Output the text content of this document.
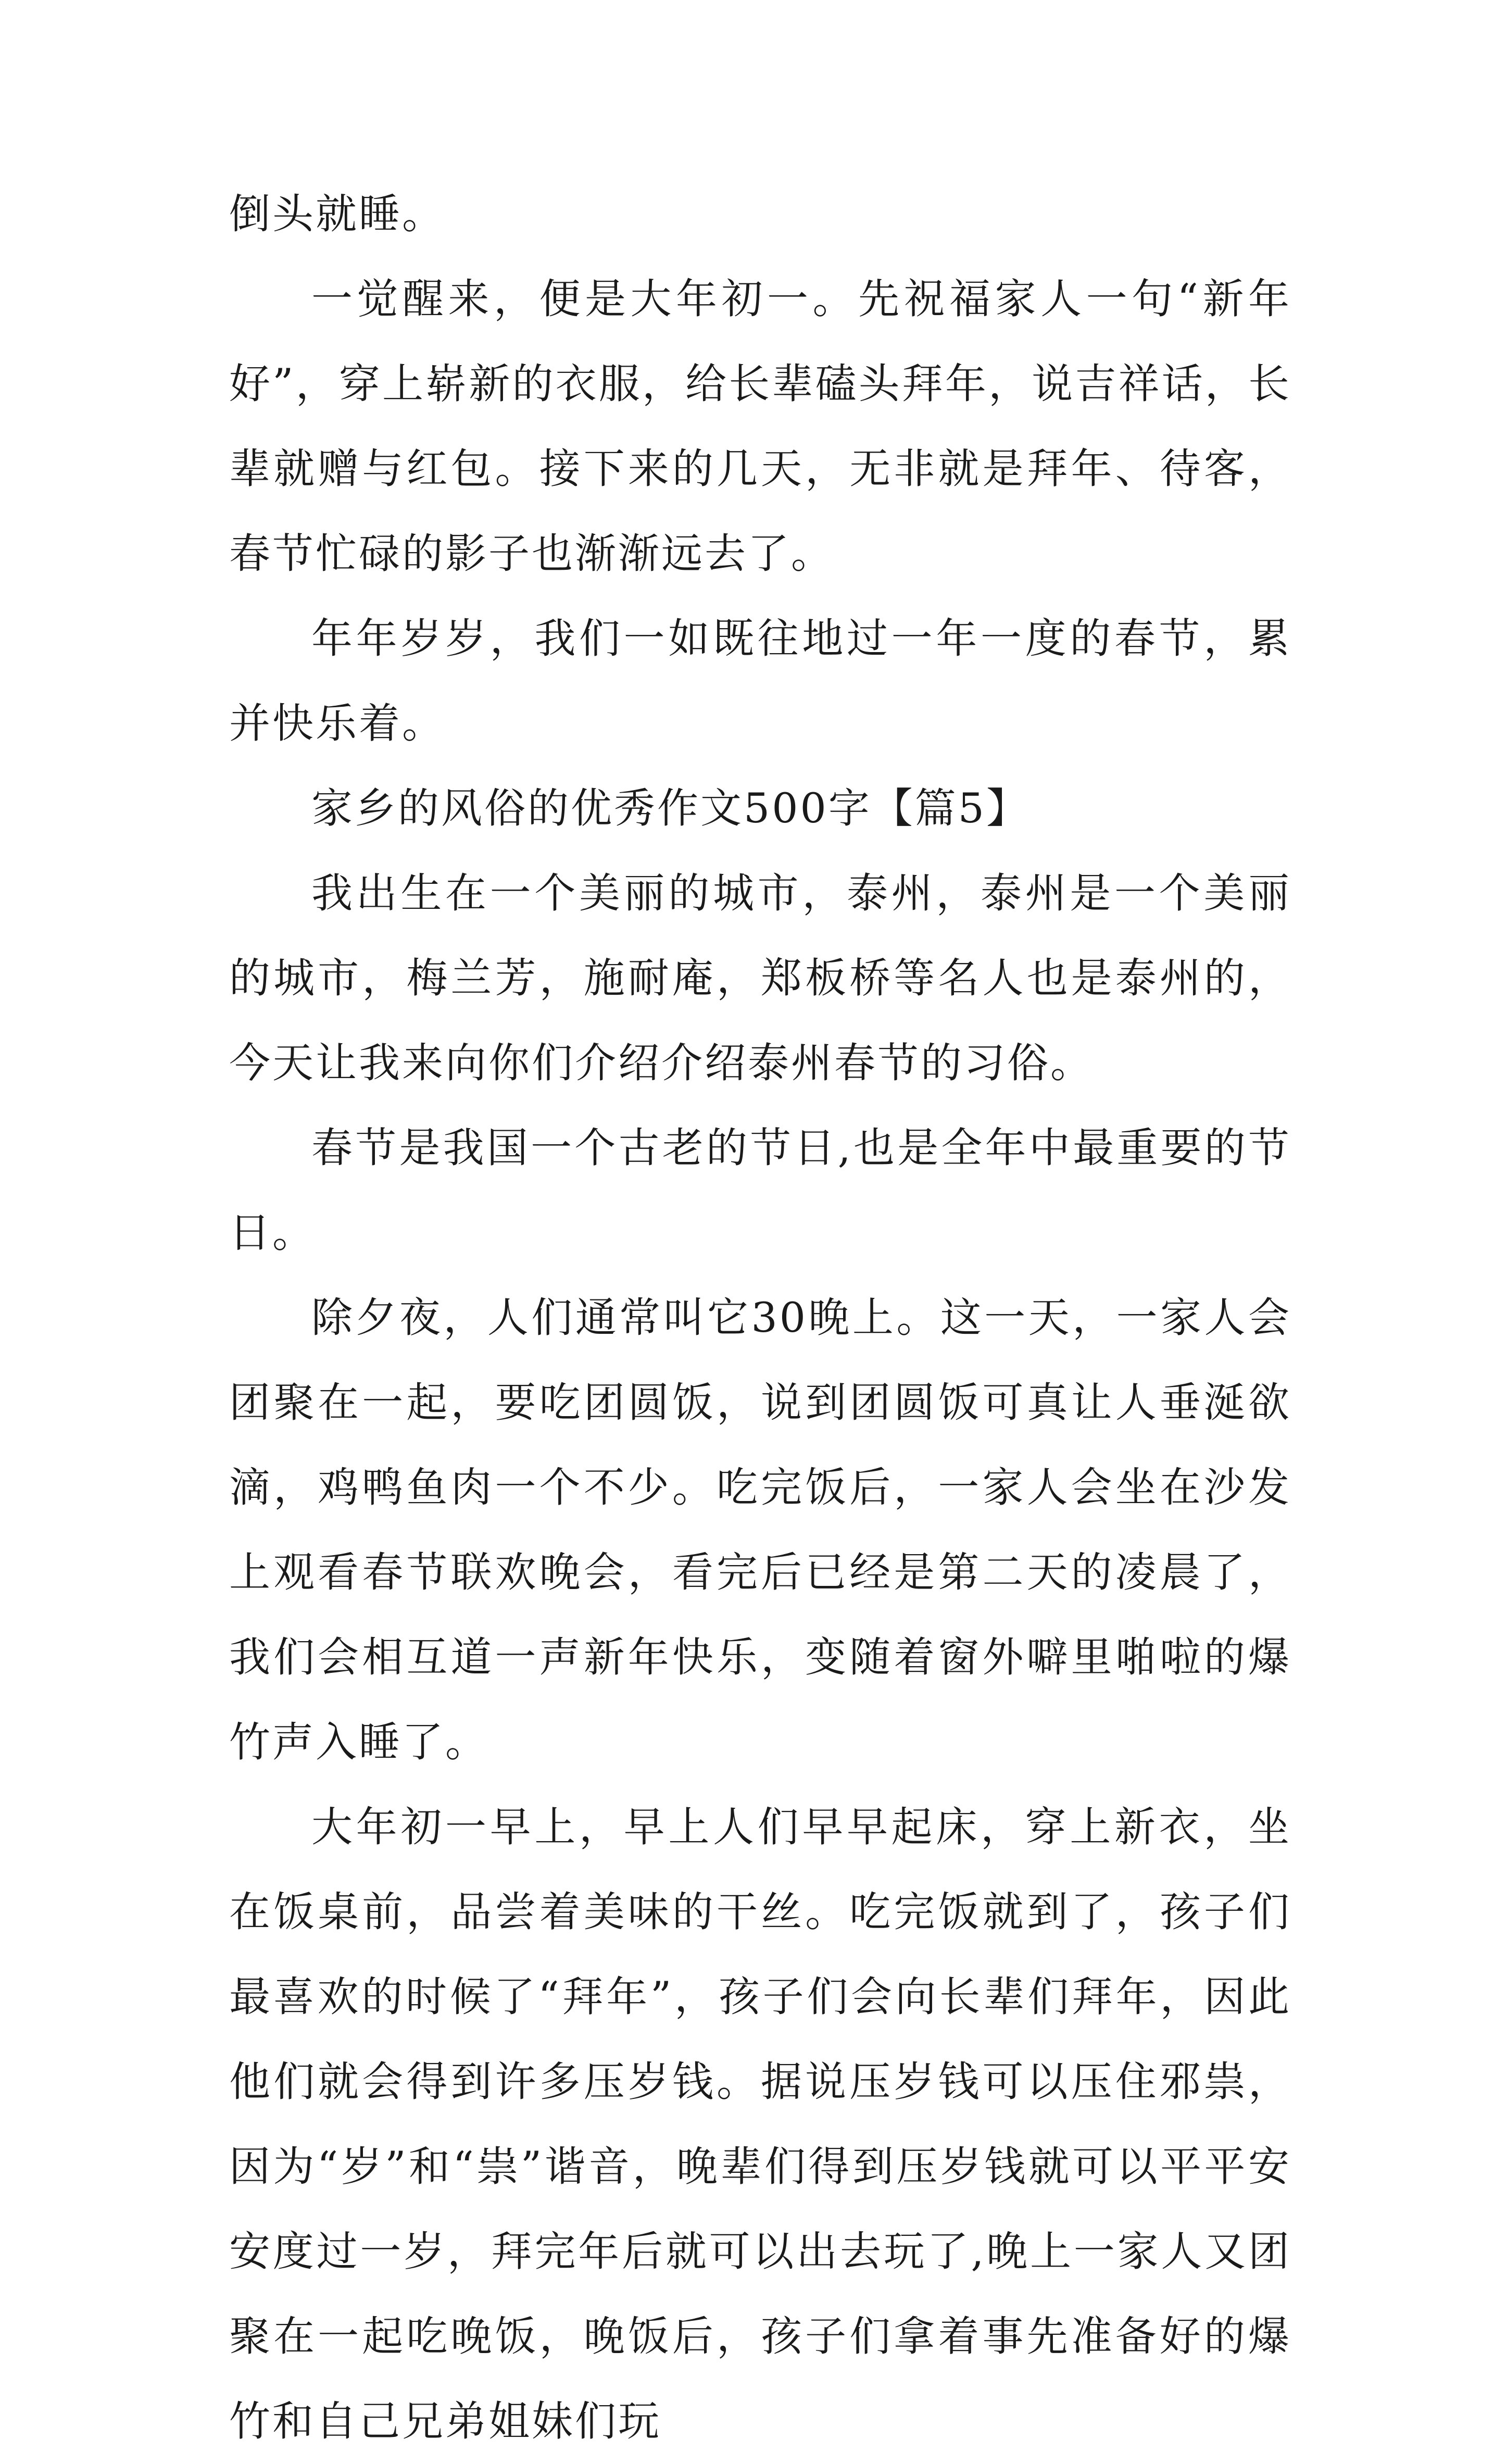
倒头就睡。

一觉醒来，便是大年初一。先祝福家人一句“新年好”，穿上崭新的衣服，给长辈磕头拜年，说吉祥话，长辈就赠与红包。接下来的几天，无非就是拜年、待客，春节忙碌的影子也渐渐远去了。

年年岁岁，我们一如既往地过一年一度的春节，累并快乐着。

家乡的风俗的优秀作文500字【篇5】

我出生在一个美丽的城市，泰州，泰州是一个美丽的城市，梅兰芳，施耐庵，郑板桥等名人也是泰州的，今天让我来向你们介绍介绍泰州春节的习俗。

春节是我国一个古老的节日,也是全年中最重要的节日。

除夕夜，人们通常叫它30晚上。这一天，一家人会团聚在一起，要吃团圆饭，说到团圆饭可真让人垂涎欲滴，鸡鸭鱼肉一个不少。吃完饭后，一家人会坐在沙发上观看春节联欢晚会，看完后已经是第二天的凌晨了，我们会相互道一声新年快乐，变随着窗外噼里啪啦的爆竹声入睡了。

大年初一早上，早上人们早早起床，穿上新衣，坐在饭桌前，品尝着美味的干丝。吃完饭就到了，孩子们最喜欢的时候了“拜年”，孩子们会向长辈们拜年，因此他们就会得到许多压岁钱。据说压岁钱可以压住邪祟，因为“岁”和“祟”谐音，晚辈们得到压岁钱就可以平平安安度过一岁，拜完年后就可以出去玩了,晚上一家人又团聚在一起吃晚饭，晚饭后，孩子们拿着事先准备好的爆竹和自己兄弟姐妹们玩
